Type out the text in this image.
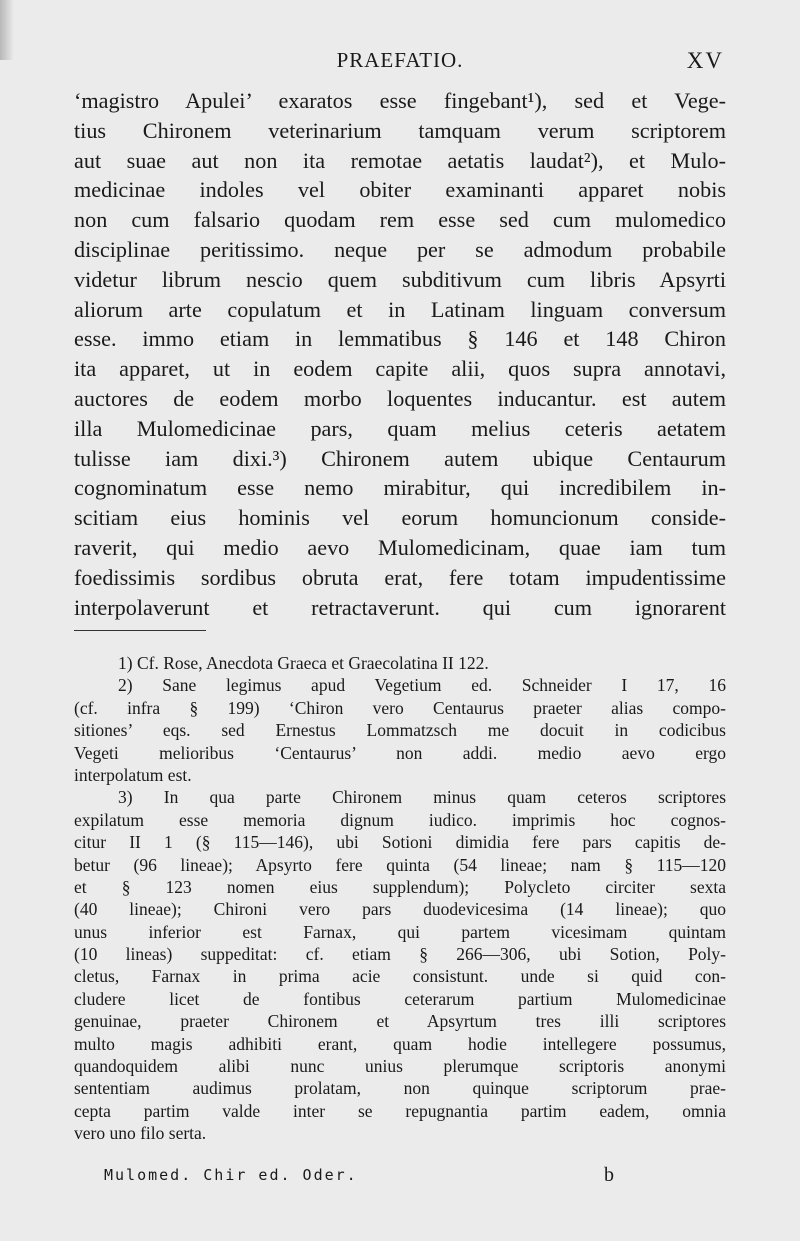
PRAEFATIO.	XV
‘magistro Apulei’ exaratos esse fingebant¹), sed et Vege-
tius Chironem veterinarium tamquam verum scriptorem
aut suae aut non ita remotae aetatis laudat²), et Mulo-
medicinae indoles vel obiter examinanti apparet nobis
non cum falsario quodam rem esse sed cum mulomedico
disciplinae peritissimo. neque per se admodum probabile
videtur librum nescio quem subditivum cum libris Apsyrti
aliorum arte copulatum et in Latinam linguam conversum
esse. immo etiam in lemmatibus § 146 et 148 Chiron
ita apparet, ut in eodem capite alii, quos supra annotavi,
auctores de eodem morbo loquentes inducantur. est autem
illa Mulomedicinae pars, quam melius ceteris aetatem
tulisse iam dixi.³) Chironem autem ubique Centaurum
cognominatum esse nemo mirabitur, qui incredibilem in-
scitiam eius hominis vel eorum homuncionum conside-
raverit, qui medio aevo Mulomedicinam, quae iam tum
foedissimis sordibus obruta erat, fere totam impudentissime
interpolaverunt et retractaverunt. qui cum ignorarent
1) Cf. Rose, Anecdota Graeca et Graecolatina II 122.
2) Sane legimus apud Vegetium ed. Schneider I 17, 16
(cf. infra § 199) ‘Chiron vero Centaurus praeter alias compo-
sitiones’ eqs. sed Ernestus Lommatzsch me docuit in codicibus
Vegeti melioribus ‘Centaurus’ non addi. medio aevo ergo
interpolatum est.
3) In qua parte Chironem minus quam ceteros scriptores
expilatum esse memoria dignum iudico. imprimis hoc cognos-
citur II 1 (§ 115—146), ubi Sotioni dimidia fere pars capitis de-
betur (96 lineae); Apsyrto fere quinta (54 lineae; nam § 115—120
et § 123 nomen eius supplendum); Polycleto circiter sexta
(40 lineae); Chironi vero pars duodevicesima (14 lineae); quo
unus inferior est Farnax, qui partem vicesimam quintam
(10 lineas) suppeditat: cf. etiam § 266—306, ubi Sotion, Poly-
cletus, Farnax in prima acie consistunt. unde si quid con-
cludere licet de fontibus ceterarum partium Mulomedicinae
genuinae, praeter Chironem et Apsyrtum tres illi scriptores
multo magis adhibiti erant, quam hodie intellegere possumus,
quandoquidem alibi nunc unius plerumque scriptoris anonymi
sententiam audimus prolatam, non quinque scriptorum prae-
cepta partim valde inter se repugnantia partim eadem, omnia
vero uno filo serta.
Mulomed. Chir ed. Oder.	b
